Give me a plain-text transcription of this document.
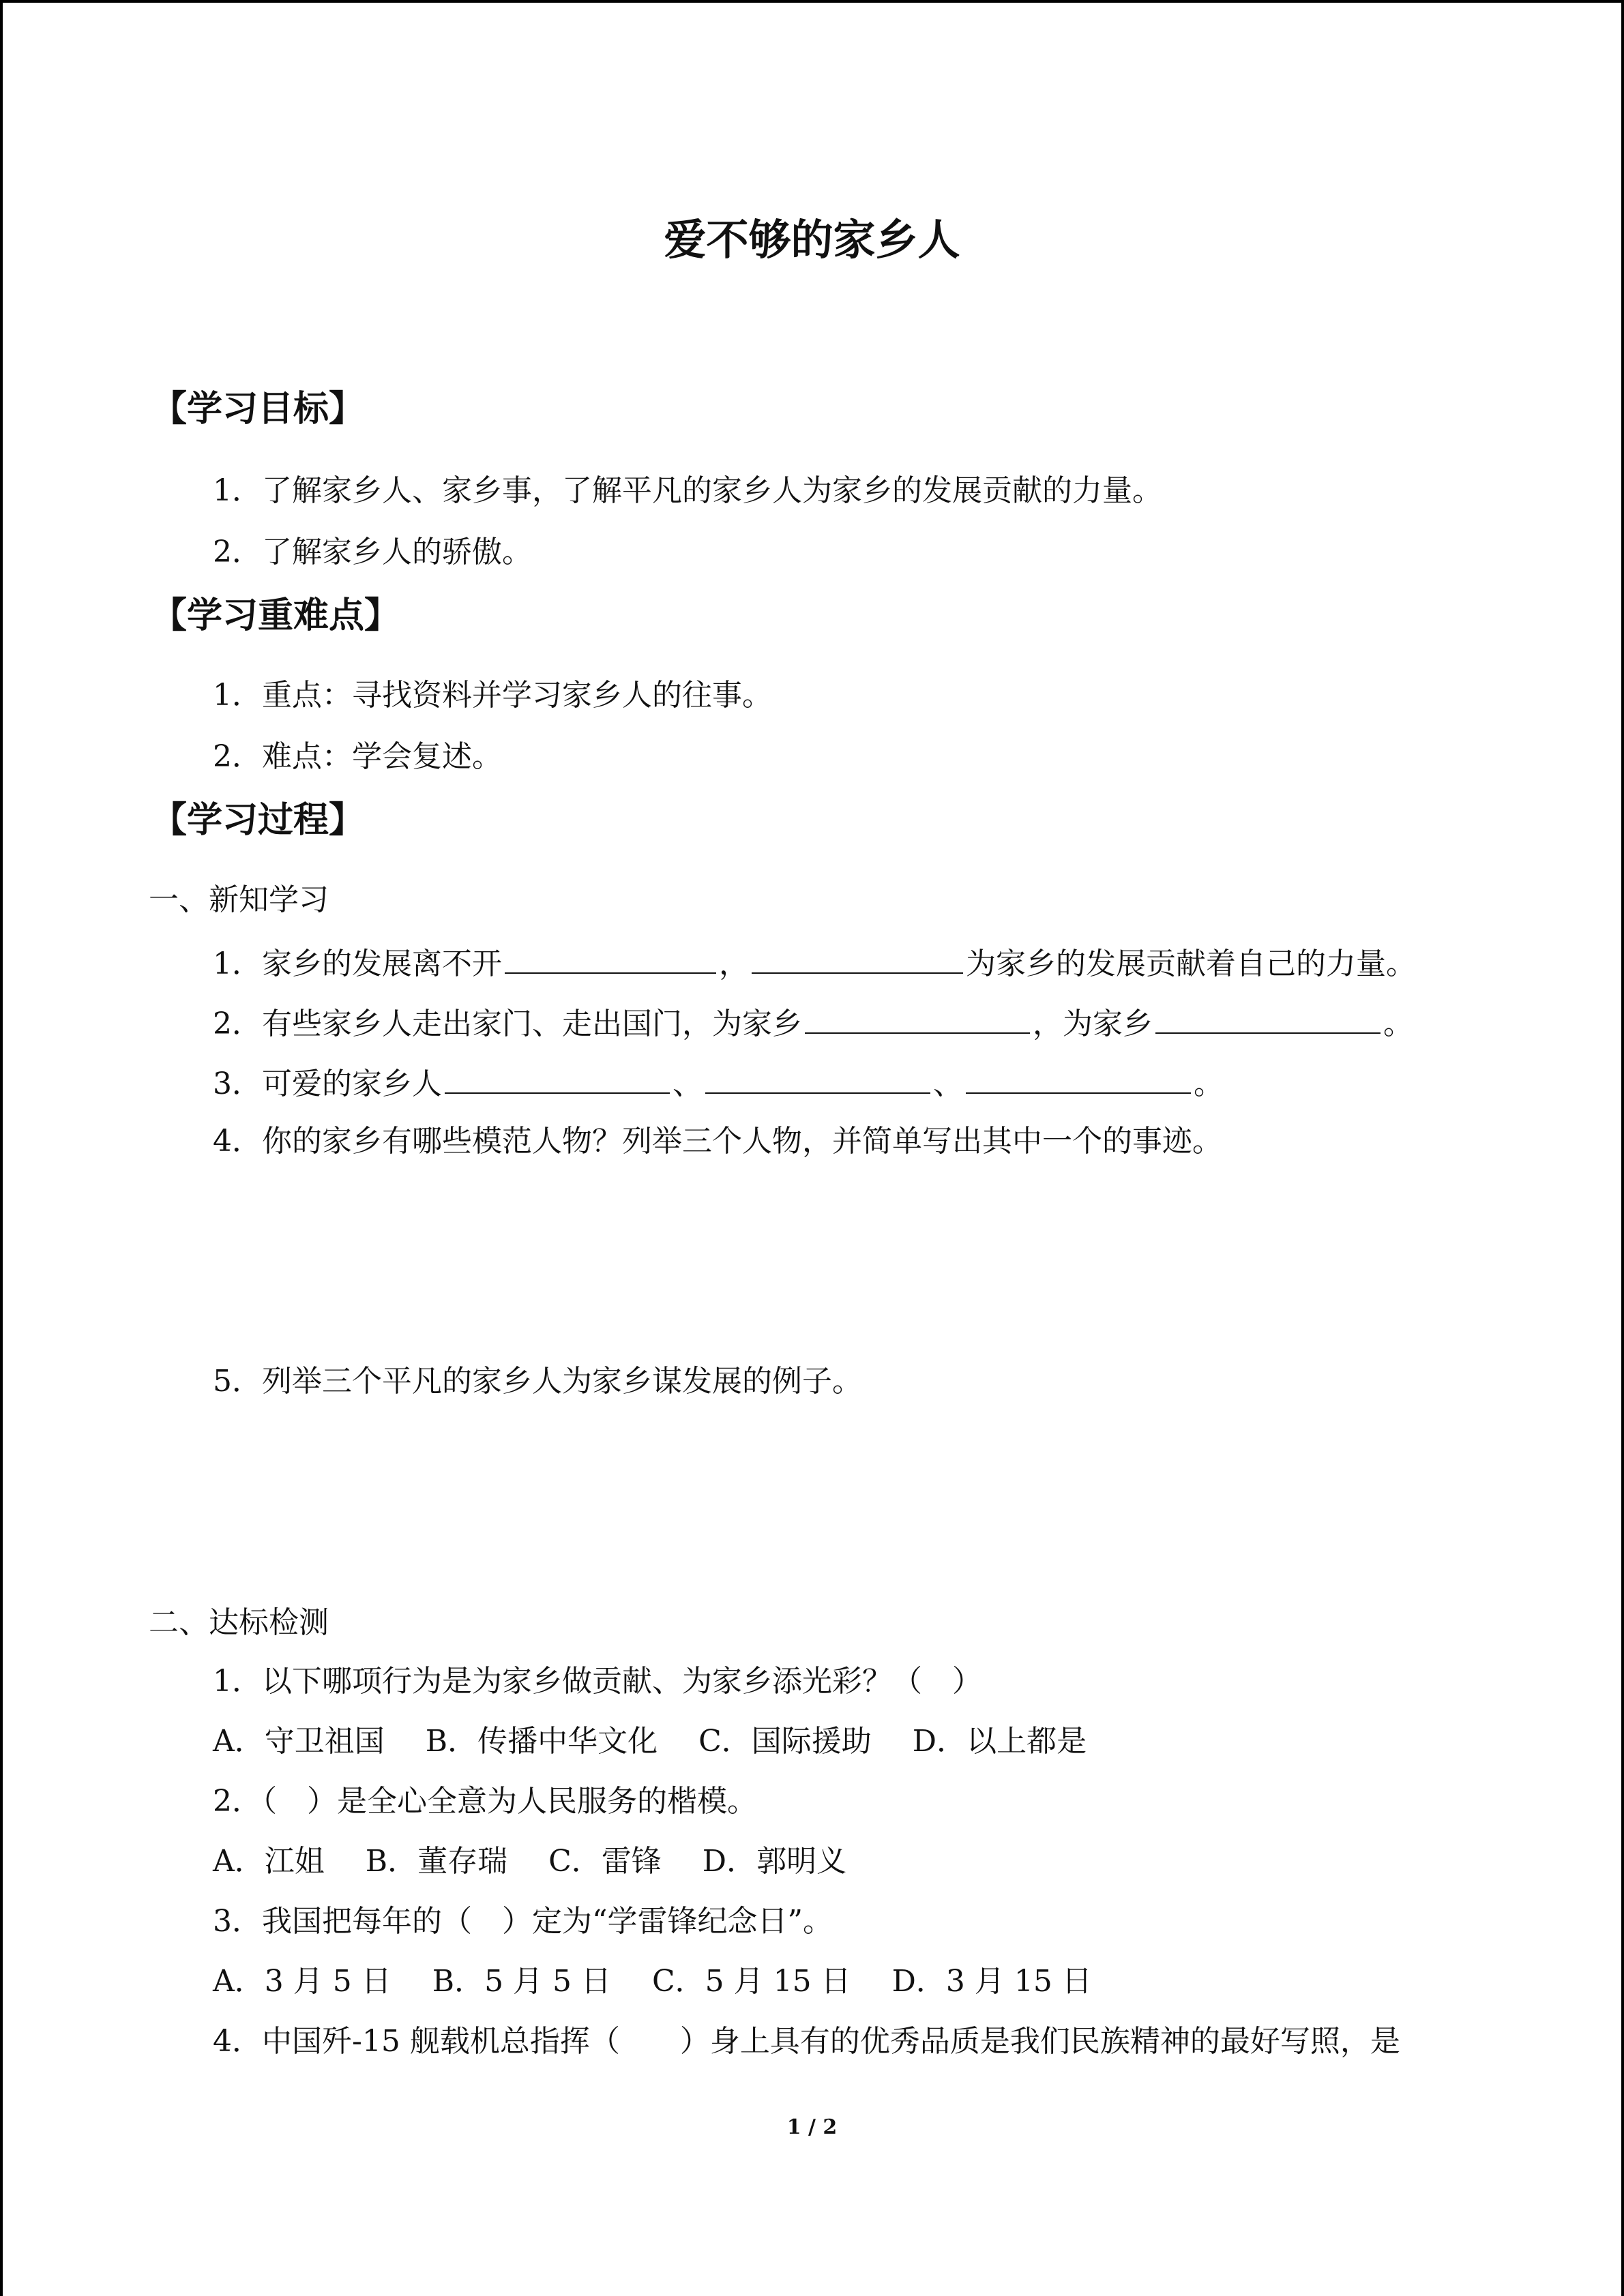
爱不够的家乡人
【学习目标】
1．了解家乡人、家乡事，了解平凡的家乡人为家乡的发展贡献的力量。
2．了解家乡人的骄傲。
【学习重难点】
1．重点：寻找资料并学习家乡人的往事。
2．难点：学会复述。
【学习过程】
一、新知学习
1．家乡的发展离不开	，	为家乡的发展贡献着自己的力量。
2．有些家乡人走出家门、走出国门，为家乡	，为家乡	。
3．可爱的家乡人	、	、	。
4．你的家乡有哪些模范人物？列举三个人物，并简单写出其中一个的事迹。
5．列举三个平凡的家乡人为家乡谋发展的例子。
二、达标检测
1．以下哪项行为是为家乡做贡献、为家乡添光彩？（　）
A．守卫祖国 B．传播中华文化 C．国际援助 D．以上都是
2．（　）是全心全意为人民服务的楷模。
A．江姐 B．董存瑞 C．雷锋 D．郭明义
3．我国把每年的（　）定为“学雷锋纪念日”。
A．3 月 5 日 B．5 月 5 日 C．5 月 15 日 D．3 月 15 日
4．中国歼-15 舰载机总指挥（　　）身上具有的优秀品质是我们民族精神的最好写照，是
1 / 2
